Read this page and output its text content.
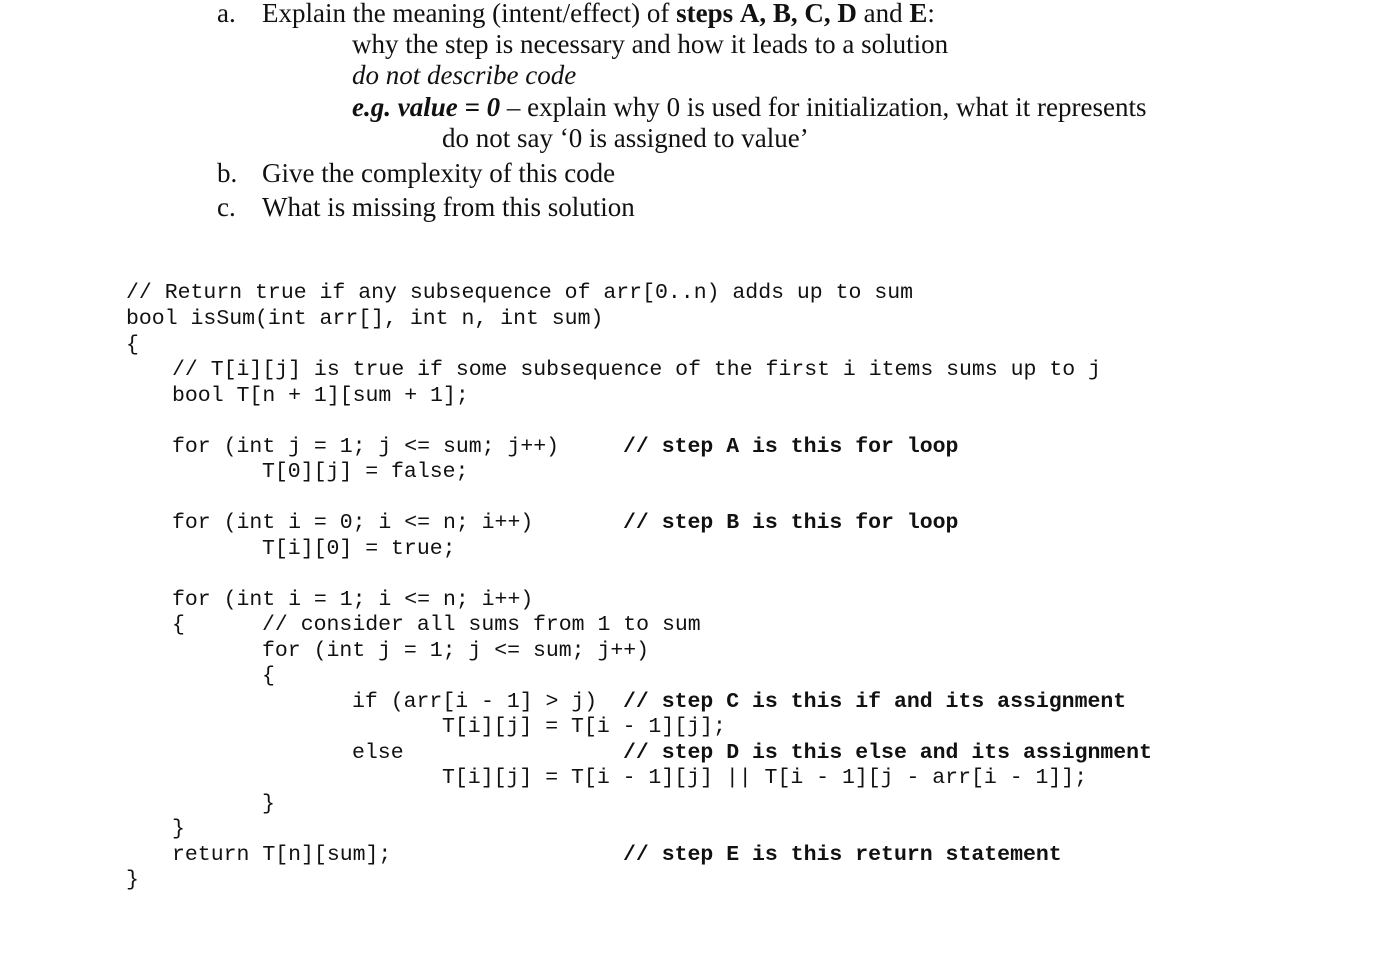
a. Explain the meaning (intent/effect) of steps A, B, C, D and E:
why the step is necessary and how it leads to a solution
do not describe code
e.g. value = 0 – explain why 0 is used for initialization, what it represents
do not say ‘0 is assigned to value’
b. Give the complexity of this code
c. What is missing from this solution
// Return true if any subsequence of arr[0..n) adds up to sum
bool isSum(int arr[], int n, int sum)
{
// T[i][j] is true if some subsequence of the first i items sums up to j
bool T[n + 1][sum + 1];
for (int j = 1; j <= sum; j++)	// step A is this for loop
T[0][j] = false;
for (int i = 0; i <= n; i++)	// step B is this for loop
T[i][0] = true;
for (int i = 1; i <= n; i++)
{	// consider all sums from 1 to sum
for (int j = 1; j <= sum; j++)
{
if (arr[i - 1] > j) // step C is this if and its assignment
T[i][j] = T[i - 1][j];
else	// step D is this else and its assignment
T[i][j] = T[i - 1][j] || T[i - 1][j - arr[i - 1]];
}
}
return T[n][sum];	// step E is this return statement
}
